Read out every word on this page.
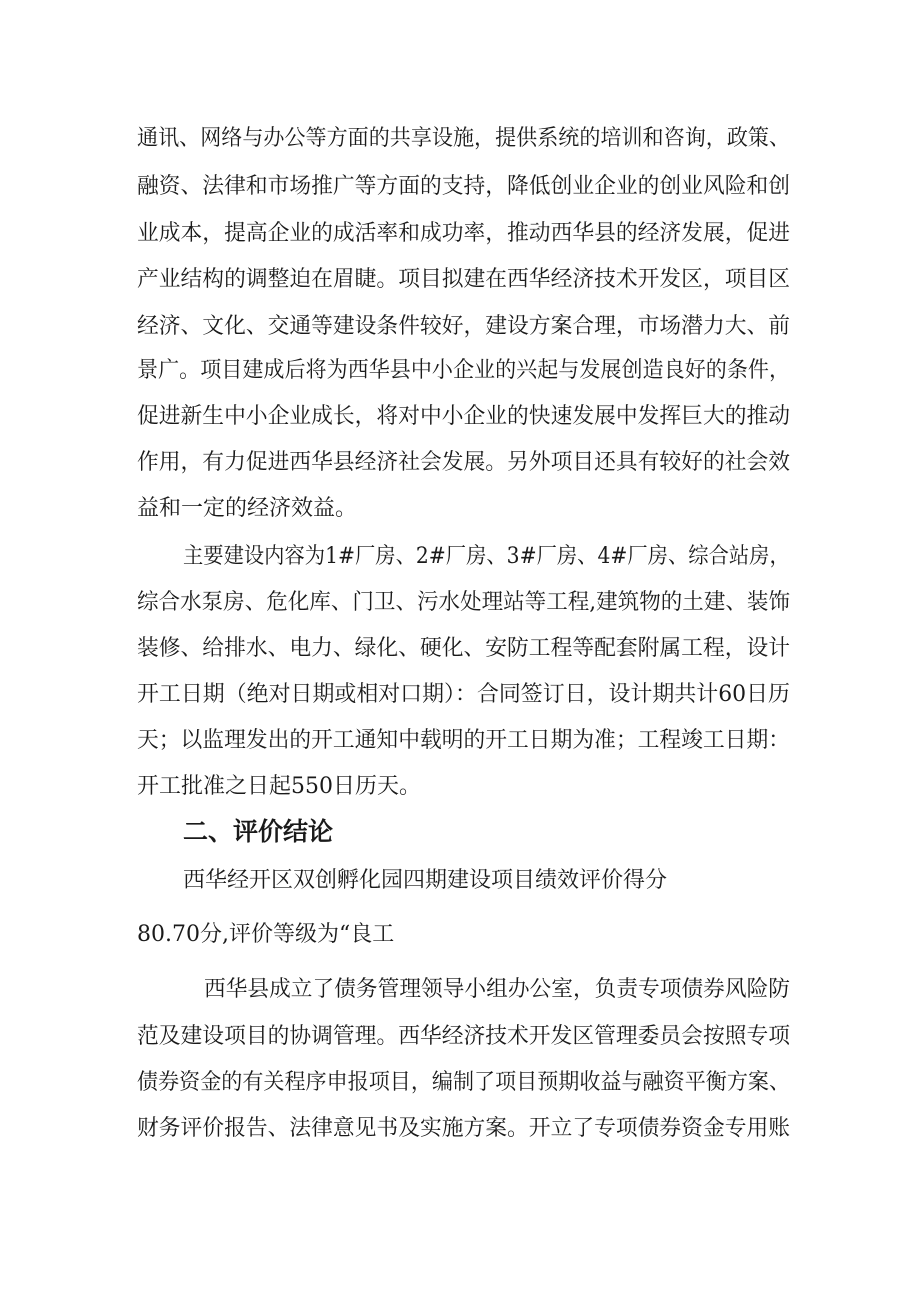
通讯、网络与办公等方面的共享设施，提供系统的培训和咨询，政策、
融资、法律和市场推广等方面的支持，降低创业企业的创业风险和创
业成本，提高企业的成活率和成功率，推动西华县的经济发展，促进
产业结构的调整迫在眉睫。项目拟建在西华经济技术开发区，项目区
经济、文化、交通等建设条件较好，建设方案合理，市场潜力大、前
景广。项目建成后将为西华县中小企业的兴起与发展创造良好的条件，
促进新生中小企业成长，将对中小企业的快速发展中发挥巨大的推动
作用，有力促进西华县经济社会发展。另外项目还具有较好的社会效
益和一定的经济效益。
主要建设内容为1#厂房、2#厂房、3#厂房、4#厂房、综合站房，
综合水泵房、危化库、门卫、污水处理站等工程,建筑物的土建、装饰
装修、给排水、电力、绿化、硬化、安防工程等配套附属工程，设计
开工日期（绝对日期或相对口期）：合同签订日，设计期共计60日历
天；以监理发出的开工通知中载明的开工日期为准；工程竣工日期：
开工批准之日起550日历天。
二、评价结论
西华经开区双创孵化园四期建设项目绩效评价得分
80.70分,评价等级为“良工
西华县成立了债务管理领导小组办公室，负责专项债券风险防
范及建设项目的协调管理。西华经济技术开发区管理委员会按照专项
债券资金的有关程序申报项目，编制了项目预期收益与融资平衡方案、
财务评价报告、法律意见书及实施方案。开立了专项债券资金专用账
